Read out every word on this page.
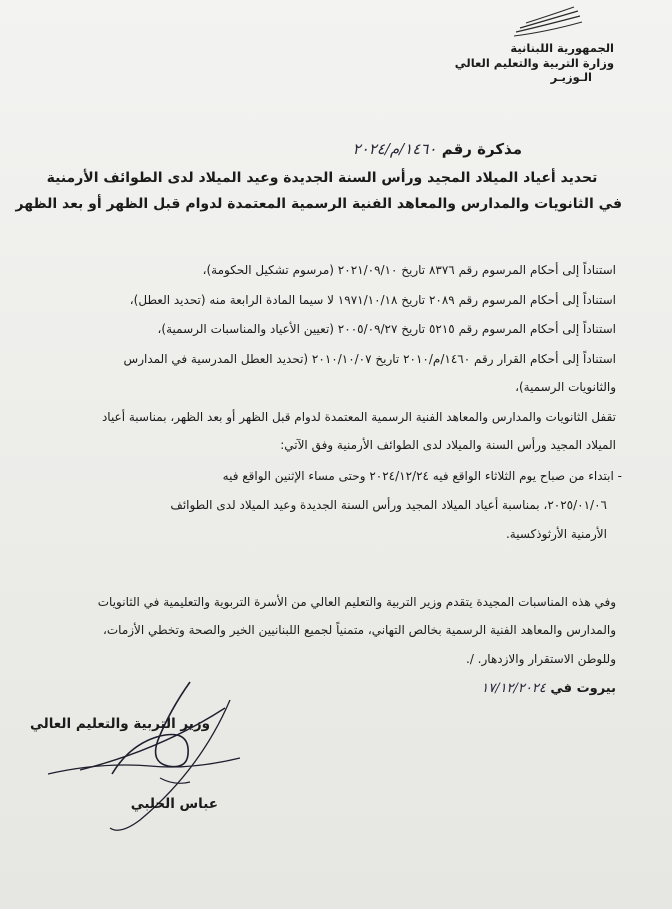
الجمهورية اللبنانية
وزارة التربية والتعليم العالي
الـوزيـر
مذكرة رقم ١٤٦٠/م/٢٠٢٤
تحديد أعياد الميلاد المجيد ورأس السنة الجديدة وعيد الميلاد لدى الطوائف الأرمنية
في الثانويات والمدارس والمعاهد الفنية الرسمية المعتمدة لدوام قبل الظهر أو بعد الظهر
استناداً إلى أحكام المرسوم رقم ٨٣٧٦ تاريخ ٢٠٢١/٠٩/١٠ (مرسوم تشكيل الحكومة)،
استناداً إلى أحكام المرسوم رقم ٢٠٨٩ تاريخ ١٩٧١/١٠/١٨ لا سيما المادة الرابعة منه (تحديد العطل)،
استناداً إلى أحكام المرسوم رقم ٥٢١٥ تاريخ ٢٠٠٥/٠٩/٢٧ (تعيين الأعياد والمناسبات الرسمية)،
استناداً إلى أحكام القرار رقم ١٤٦٠/م/٢٠١٠ تاريخ ٢٠١٠/١٠/٠٧ (تحديد العطل المدرسية في المدارس
والثانويات الرسمية)،
تقفل الثانويات والمدارس والمعاهد الفنية الرسمية المعتمدة لدوام قبل الظهر أو بعد الظهر، بمناسبة أعياد
الميلاد المجيد ورأس السنة والميلاد لدى الطوائف الأرمنية وفق الآتي:
- ابتداء من صباح يوم الثلاثاء الواقع فيه ٢٠٢٤/١٢/٢٤ وحتى مساء الإثنين الواقع فيه
٢٠٢٥/٠١/٠٦، بمناسبة أعياد الميلاد المجيد ورأس السنة الجديدة وعيد الميلاد لدى الطوائف
الأرمنية الأرثوذكسية.
وفي هذه المناسبات المجيدة يتقدم وزير التربية والتعليم العالي من الأسرة التربوية والتعليمية في الثانويات
والمدارس والمعاهد الفنية الرسمية بخالص التهاني، متمنياً لجميع اللبنانيين الخير والصحة وتخطي الأزمات،
وللوطن الاستقرار والازدهار. /.
بيروت في ١٧/١٢/٢٠٢٤
وزير التربية والتعليم العالي
عباس الحلبي
